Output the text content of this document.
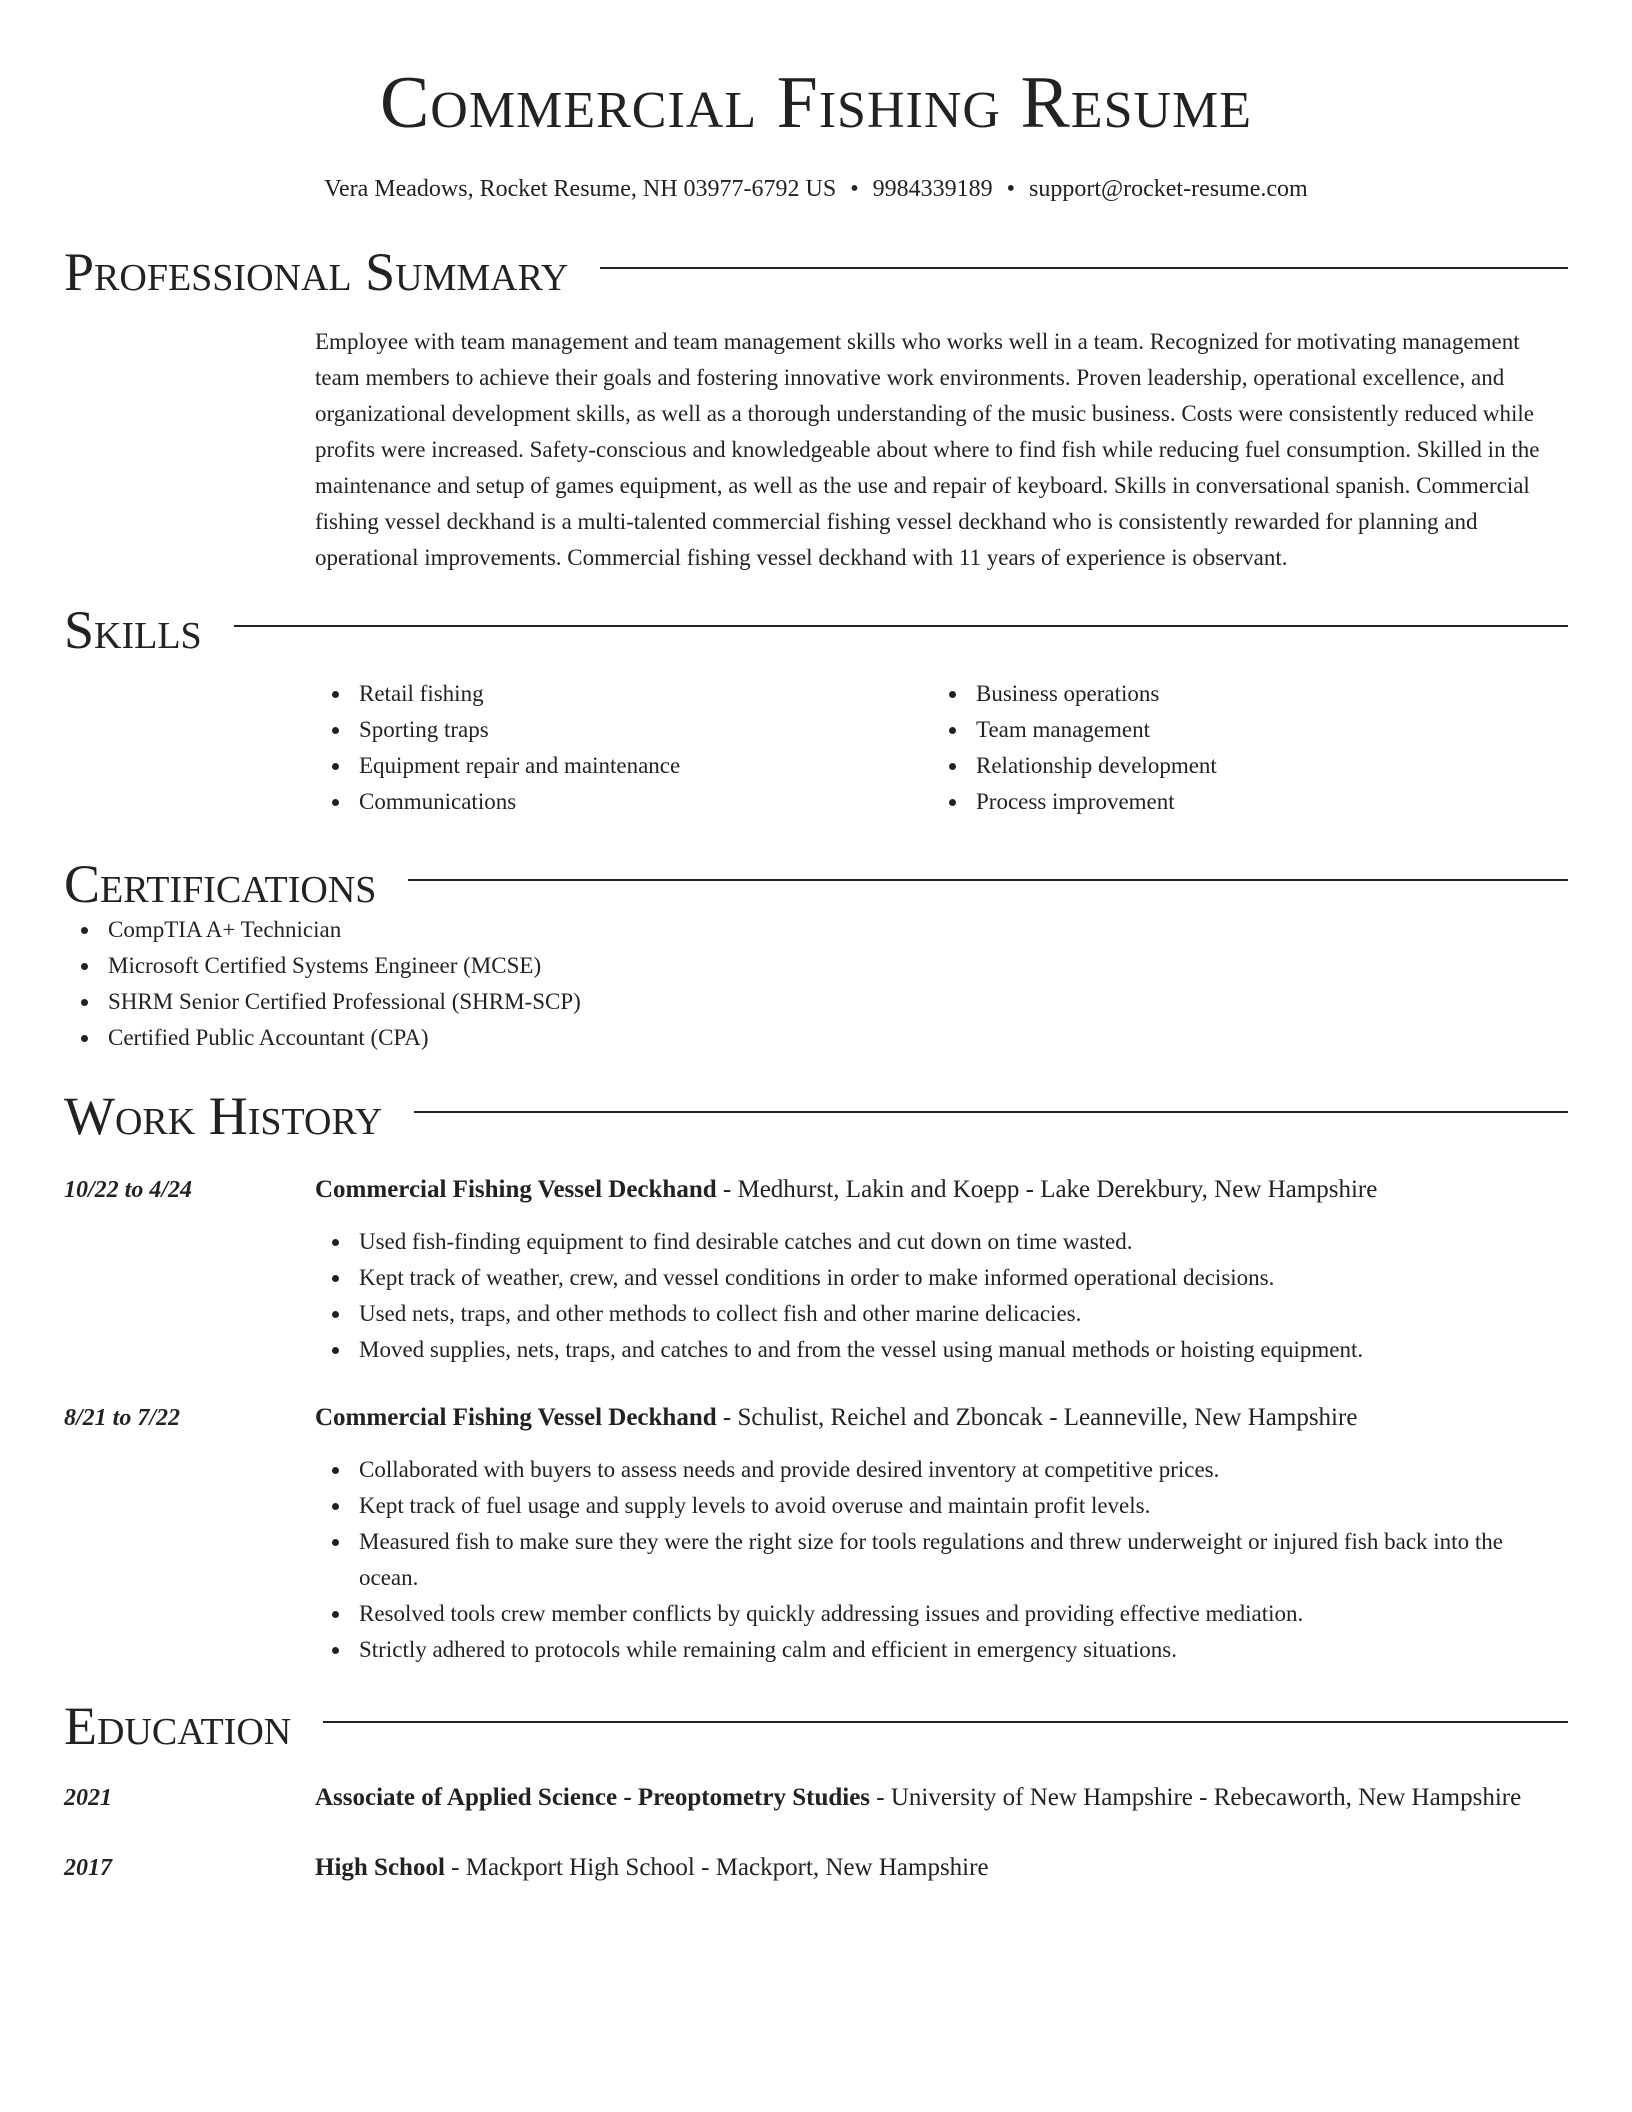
Commercial Fishing Resume
Vera Meadows, Rocket Resume, NH 03977-6792 US • 9984339189 • support@rocket-resume.com
Professional Summary
Employee with team management and team management skills who works well in a team. Recognized for motivating management team members to achieve their goals and fostering innovative work environments. Proven leadership, operational excellence, and organizational development skills, as well as a thorough understanding of the music business. Costs were consistently reduced while profits were increased. Safety-conscious and knowledgeable about where to find fish while reducing fuel consumption. Skilled in the maintenance and setup of games equipment, as well as the use and repair of keyboard. Skills in conversational spanish. Commercial fishing vessel deckhand is a multi-talented commercial fishing vessel deckhand who is consistently rewarded for planning and operational improvements. Commercial fishing vessel deckhand with 11 years of experience is observant.
Skills
Retail fishing
Sporting traps
Equipment repair and maintenance
Communications
Business operations
Team management
Relationship development
Process improvement
Certifications
CompTIA A+ Technician
Microsoft Certified Systems Engineer (MCSE)
SHRM Senior Certified Professional (SHRM-SCP)
Certified Public Accountant (CPA)
Work History
10/22 to 4/24	Commercial Fishing Vessel Deckhand - Medhurst, Lakin and Koepp - Lake Derekbury, New Hampshire
Used fish-finding equipment to find desirable catches and cut down on time wasted.
Kept track of weather, crew, and vessel conditions in order to make informed operational decisions.
Used nets, traps, and other methods to collect fish and other marine delicacies.
Moved supplies, nets, traps, and catches to and from the vessel using manual methods or hoisting equipment.
8/21 to 7/22	Commercial Fishing Vessel Deckhand - Schulist, Reichel and Zboncak - Leanneville, New Hampshire
Collaborated with buyers to assess needs and provide desired inventory at competitive prices.
Kept track of fuel usage and supply levels to avoid overuse and maintain profit levels.
Measured fish to make sure they were the right size for tools regulations and threw underweight or injured fish back into the ocean.
Resolved tools crew member conflicts by quickly addressing issues and providing effective mediation.
Strictly adhered to protocols while remaining calm and efficient in emergency situations.
Education
2021	Associate of Applied Science - Preoptometry Studies - University of New Hampshire - Rebecaworth, New Hampshire
2017	High School - Mackport High School - Mackport, New Hampshire
